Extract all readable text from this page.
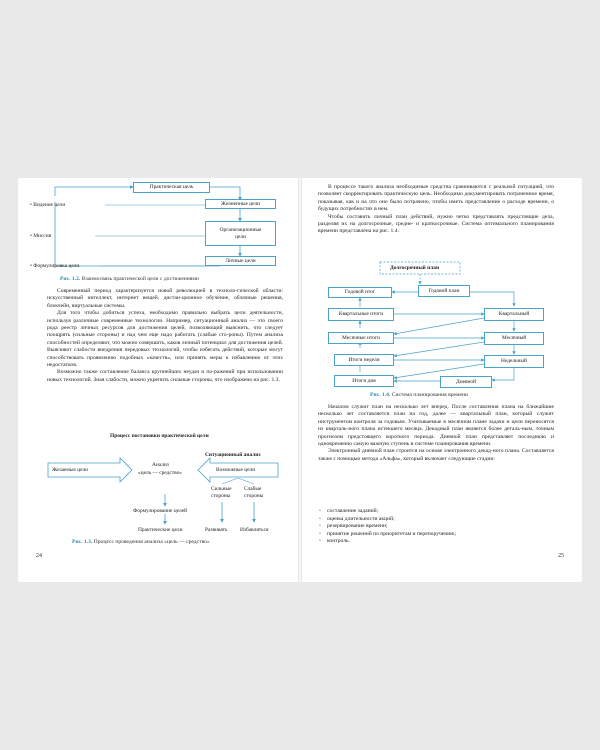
Практическая цель
Жизненные цели
Организационные цели
Личные цели
• Видение цели
• Миссия
• Формулировка цели
Рис. 1.2. Взаимосвязь практической цели с достижениями

Современный период характеризуется новой революцией в техноло-гической области: искусственный интеллект, интернет вещей, дистан-ционное обучение, облачные решения, блокчейн, виртуальные системы.

Для того чтобы добиться успеха, необходимо правильно выбрать цели деятельности, используя различные современные технологии. Например, ситуационный анализ — это своего рода реестр личных ресурсов для достижения целей, позволяющий выяснить, что следует поощрять (сильные стороны) и над чем еще надо работать (слабые сто-роны). Путем анализа способностей определяют, что можно совершить, каков личный потенциал для достижения целей. Выясняют слабости внедрения передовых технологий, чтобы избегать действий, которые могут способствовать проявлению подобных «качеств», или принять меры к избавлению от этих недостатков.

Возможно также составление баланса крупнейших неудач и по-ражений при использовании новых технологий. Зная слабости, можно укрепить сильные стороны, что изображено на рис. 1.3.

Процесс постановки практической цели
Ситуационный анализ
Желаемые цели
Анализ
«цель — средство»	Возможные цели
Сильные
стороны
Слабые
стороны
Формулирование целей
Практические цели	Развивать Избавляться
Рис. 1.3. Процесс проведения анализа «цель — средство»
24

В процессе такого анализа необходимые средства сравниваются с реальной ситуацией, что позволяет скорректировать практическую цель. Необходимо документировать потраченное время, показывая, как и на что оно было потрачено, чтобы иметь представление о расходе времени, о будущих потребностях в нем.

Чтобы составить личный план действий, нужно четко представлять предстоящие дела, разделяя их на долгосрочные, средне- и краткосрочные. Система оптимального планирования времени представлена на рис. 1.4.

Долгосрочный план
Годовой итог	Годовой план
Квартальные итоги	Квартальный
Месячные итоги	Месячный
Итоги недели	Недельный
Итоги дня	Дневной
Рис. 1.4. Система планирования времени

Началом служит план на несколько лет вперед. После составления плана на ближайшие несколько лет составляется план на год, далее — квартальный план, который служит инструментом контроля за годовым. Учитываемые в месячном плане задачи и цели переносятся из кварталь-ного плана истекшего месяца. Декадный план является более деталь-ным, точным прогнозом предстоящего короткого периода. Дневной план представляет последнюю и одновременно самую важную ступень в системе планирования времени.

Электронный дневной план строится на основе электронного декад-ного плана. Составляется также с помощью метода «Альфа», который включает следующие стадии:

• составление заданий;
• оценка длительности акций;
• резервирование времени;
• принятие решений по приоритетам и перепоручению;
• контроль.
25
